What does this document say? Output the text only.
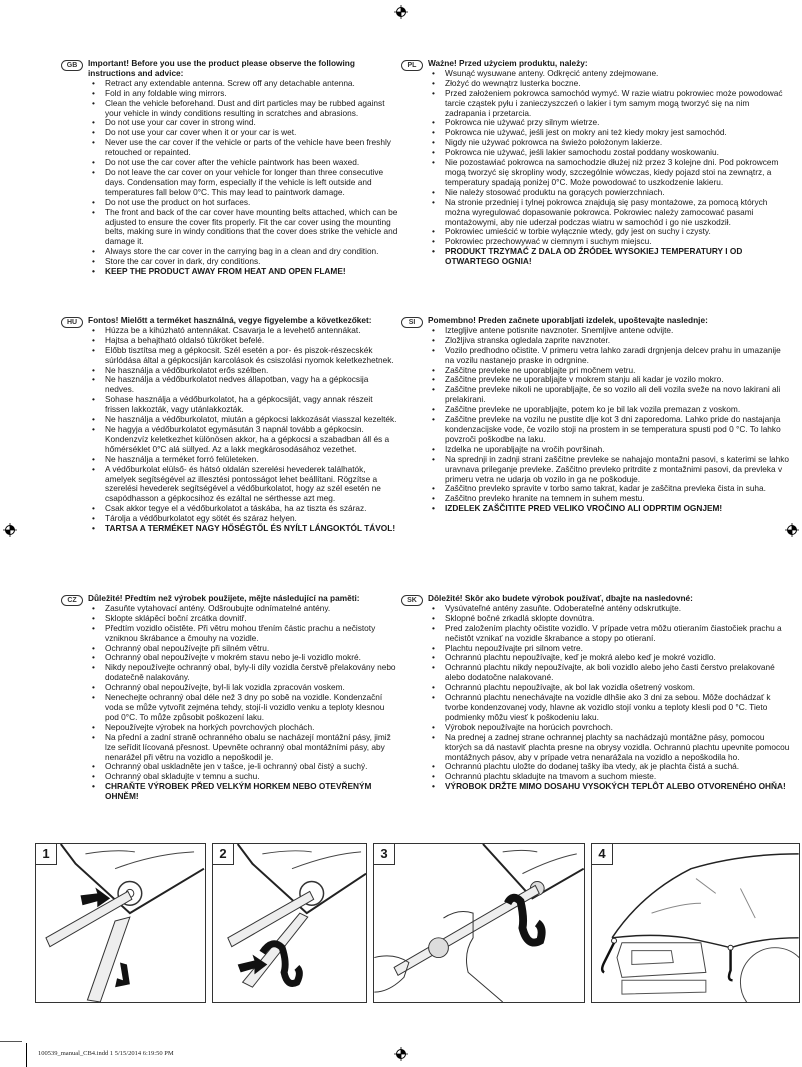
GB	Important! Before you use the product please observe the following instructions and advice:

• Retract any extendable antenna. Screw off any detachable antenna.
• Fold in any foldable wing mirrors.
• Clean the vehicle beforehand. Dust and dirt particles may be rubbed against your vehicle in windy conditions resulting in scratches and abrasions.
• Do not use your car cover in strong wind.
• Do not use your car cover when it or your car is wet.
• Never use the car cover if the vehicle or parts of the vehicle have been freshly retouched or repainted.
• Do not use the car cover after the vehicle paintwork has been waxed.
• Do not leave the car cover on your vehicle for longer than three consecutive days. Condensation may form, especially if the vehicle is left outside and temperatures fall below 0°C. This may lead to paintwork damage.
• Do not use the product on hot surfaces.
• The front and back of the car cover have mounting belts attached, which can be adjusted to ensure the cover fits properly. Fit the car cover using the mounting belts, making sure in windy conditions that the cover does strike the vehicle and damage it.
• Always store the car cover in the carrying bag in a clean and dry condition.
• Store the car cover in dark, dry conditions.
• KEEP THE PRODUCT AWAY FROM HEAT AND OPEN FLAME!
PL	Ważne! Przed użyciem produktu, należy:

• Wsunąć wysuwane anteny. Odkręcić anteny zdejmowane.
• Złożyć do wewnątrz lusterka boczne.
• Przed założeniem pokrowca samochód wymyć. W razie wiatru pokrowiec może powodować tarcie cząstek pyłu i zanieczyszczeń o lakier i tym samym mogą tworzyć się na nim zadrapania i przetarcia.
• Pokrowca nie używać przy silnym wietrze.
• Pokrowca nie używać, jeśli jest on mokry ani też kiedy mokry jest samochód.
• Nigdy nie używać pokrowca na świeżo położonym lakierze.
• Pokrowca nie używać, jeśli lakier samochodu został poddany woskowaniu.
• Nie pozostawiać pokrowca na samochodzie dłużej niż przez 3 kolejne dni. Pod pokrowcem mogą tworzyć się skropliny wody, szczególnie wówczas, kiedy pojazd stoi na zewnątrz, a temperatury spadają poniżej 0°C. Może powodować to uszkodzenie lakieru.
• Nie należy stosować produktu na gorących powierzchniach.
• Na stronie przedniej i tylnej pokrowca znajdują się pasy montażowe, za pomocą których można wyregulować dopasowanie pokrowca. Pokrowiec należy zamocować pasami montażowymi, aby nie uderzał podczas wiatru w samochód i go nie uszkodził.
• Pokrowiec umieścić w torbie wyłącznie wtedy, gdy jest on suchy i czysty.
• Pokrowiec przechowywać w ciemnym i suchym miejscu.
• PRODUKT TRZYMAĆ Z DALA OD ŹRÓDEŁ WYSOKIEJ TEMPERATURY I OD OTWARTEGO OGNIA!
HU	Fontos! Mielőtt a terméket használná, vegye figyelembe a következőket:

• Húzza be a kihúzható antennákat. Csavarja le a levehető antennákat.
• Hajtsa a behajtható oldalsó tükröket befelé.
• Előbb tisztítsa meg a gépkocsit. Szél esetén a por- és piszok-részecskék súrlódása által a gépkocsiján karcolások és csiszolási nyomok keletkezhetnek.
• Ne használja a védőburkolatot erős szélben.
• Ne használja a védőburkolatot nedves állapotban, vagy ha a gépkocsija nedves.
• Sohase használja a védőburkolatot, ha a gépkocsiját, vagy annak részeit frissen lakkozták, vagy utánlakkozták.
• Ne használja a védőburkolatot, miután a gépkocsi lakkozását viasszal kezelték.
• Ne hagyja a védőburkolatot egymásután 3 napnál tovább a gépkocsin. Kondenzvíz keletkezhet különösen akkor, ha a gépkocsi a szabadban áll és a hőmérséklet 0°C alá süllyed. Az a lakk megkárosodásához vezethet.
• Ne használja a terméket forró felületeken.
• A védőburkolat elülső- és hátsó oldalán szerelési hevederek találhatók, amelyek segítségével az illesztési pontosságot lehet beállítani. Rögzítse a szerelési hevederek segítségével a védőburkolatot, hogy az szél esetén ne csapódhasson a gépkocsihoz és ezáltal ne sérthesse azt meg.
• Csak akkor tegye el a védőburkolatot a táskába, ha az tiszta és száraz.
• Tárolja a védőburkolatot egy sötét és száraz helyen.
• TARTSA A TERMÉKET NAGY HŐSÉGTŐL ÉS NYÍLT LÁNGOKTÓL TÁVOL!
SI	Pomembno! Preden začnete uporabljati izdelek, upoštevajte naslednje:

• Iztegljive antene potisnite navznoter. Snemljive antene odvijte.
• Zložljiva stranska ogledala zaprite navznoter.
• Vozilo predhodno očistite. V primeru vetra lahko zaradi drgnjenja delcev prahu in umazanije na vozilu nastanejo praske in odrgnine.
• Zaščitne prevleke ne uporabljajte pri močnem vetru.
• Zaščitne prevleke ne uporabljajte v mokrem stanju ali kadar je vozilo mokro.
• Zaščitne prevleke nikoli ne uporabljajte, če so vozilo ali deli vozila sveže na novo lakirani ali prelakirani.
• Zaščitne prevleke ne uporabljajte, potem ko je bil lak vozila premazan z voskom.
• Zaščitne prevleke na vozilu ne pustite dlje kot 3 dni zaporedoma. Lahko pride do nastajanja kondenzacijske vode, če vozilo stoji na prostem in se temperatura spusti pod 0 °C. To lahko povzroči poškodbe na laku.
• Izdelka ne uporabljajte na vročih površinah.
• Na sprednji in zadnji strani zaščitne prevleke se nahajajo montažni pasovi, s katerimi se lahko uravnava prileganje prevleke. Zaščitno prevleko pritrdite z montažnimi pasovi, da prevleka v primeru vetra ne udarja ob vozilo in ga ne poškoduje.
• Zaščitno prevleko spravite v torbo samo takrat, kadar je zaščitna prevleka čista in suha.
• Zaščitno prevleko hranite na temnem in suhem mestu.
• IZDELEK ZAŠČITITE PRED VELIKO VROČINO ALI ODPRTIM OGNJEM!
CZ	Důležité! Předtím než výrobek použijete, mějte následující na paměti:

• Zasuňte vytahovací antény. Odšroubujte odnímatelné antény.
• Sklopte sklápěcí boční zrcátka dovnitř.
• Předtím vozidlo očistěte. Při větru mohou třením částic prachu a nečistoty vzniknou škrábance a čmouhy na vozidle.
• Ochranný obal nepoužívejte při silném větru.
• Ochranný obal nepoužívejte v mokrém stavu nebo je-li vozidlo mokré.
• Nikdy nepoužívejte ochranný obal, byly-li díly vozidla čerstvě přelakovány nebo dodatečně nalakovány.
• Ochranný obal nepoužívejte, byl-li lak vozidla zpracován voskem.
• Nenechejte ochranný obal déle než 3 dny po sobě na vozidle. Kondenzační voda se může vytvořit zejména tehdy, stojí-li vozidlo venku a teploty klesnou pod 0°C. To může způsobit poškození laku.
• Nepoužívejte výrobek na horkých povrchových plochách.
• Na přední a zadní straně ochranného obalu se nacházejí montážní pásy, jimiž lze seřídit lícovaná přesnost. Upevněte ochranný obal montážními pásy, aby nenarážel při větru na vozidlo a nepoškodil je.
• Ochranný obal uskladněte jen v tašce, je-li ochranný obal čistý a suchý.
• Ochranný obal skladujte v temnu a suchu.
• CHRAŇTE VÝROBEK PŘED VELKÝM HORKEM NEBO OTEVŘENÝM OHNĚM!
SK	Dôležité! Skôr ako budete výrobok používať, dbajte na nasledovné:

• Vysúvateľné antény zasuňte. Odoberateľné antény odskrutkujte.
• Sklopné bočné zrkadlá sklopte dovnútra.
• Pred založením plachty očistite vozidlo. V prípade vetra môžu otieraním čiastočiek prachu a nečistôt vznikať na vozidle škrabance a stopy po otieraní.
• Plachtu nepoužívajte pri silnom vetre.
• Ochrannú plachtu nepoužívajte, keď je mokrá alebo keď je mokré vozidlo.
• Ochrannú plachtu nikdy nepoužívajte, ak boli vozidlo alebo jeho časti čerstvo prelakované alebo dodatočne nalakované.
• Ochrannú plachtu nepoužívajte, ak bol lak vozidla ošetrený voskom.
• Ochrannú plachtu nenechávajte na vozidle dlhšie ako 3 dni za sebou. Môže dochádzať k tvorbe kondenzovanej vody, hlavne ak vozidlo stojí vonku a teploty klesli pod 0 °C. Tieto podmienky môžu viesť k poškodeniu laku.
• Výrobok nepoužívajte na horúcich povrchoch.
• Na prednej a zadnej strane ochrannej plachty sa nachádzajú montážne pásy, pomocou ktorých sa dá nastaviť plachta presne na obrysy vozidla. Ochrannú plachtu upevnite pomocou montážnych pásov, aby v prípade vetra nenarážala na vozidlo a nepoškodila ho.
• Ochrannú plachtu uložte do dodanej tašky iba vtedy, ak je plachta čistá a suchá.
• Ochrannú plachtu skladujte na tmavom a suchom mieste.
• VÝROBOK DRŽTE MIMO DOSAHU VYSOKÝCH TEPLÔT ALEBO OTVORENÉHO OHŇA!
1	2	3	4
100539_manual_CB4.indd 1 5/15/2014 6:19:50 PM
